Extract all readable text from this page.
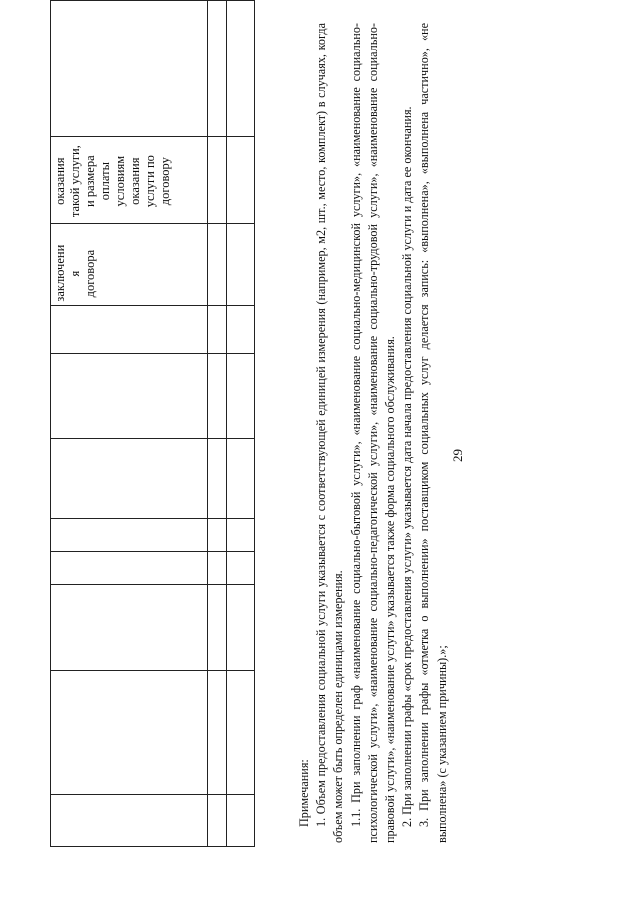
29

								заключени я договора	оказания такой услуги, и размера оплаты условиям оказания услуги по договору	

Примечания: 1. Объем предоставления социальной услуги указывается с соответствующей единицей измерения (например, м2, шт., место, комплект) в случаях, когда объем может быть определен единицами измерения. 1.1. При заполнении граф «наименование социально-бытовой услуги», «наименование социально-медицинской услуги», «наименование социально-психологической услуги», «наименование социально-педагогической услуги», «наименование социально-трудовой услуги», «наименование социально-правовой услуги», «наименование услуги» указывается также форма социального обслуживания. 2. При заполнении графы «срок предоставления услуги» указывается дата начала предоставления социальной услуги и дата ее окончания. 3. При заполнении графы «отметка о выполнении» поставщиком социальных услуг делается запись: «выполнена», «выполнена частично», «не выполнена» (с указанием причины).»;
